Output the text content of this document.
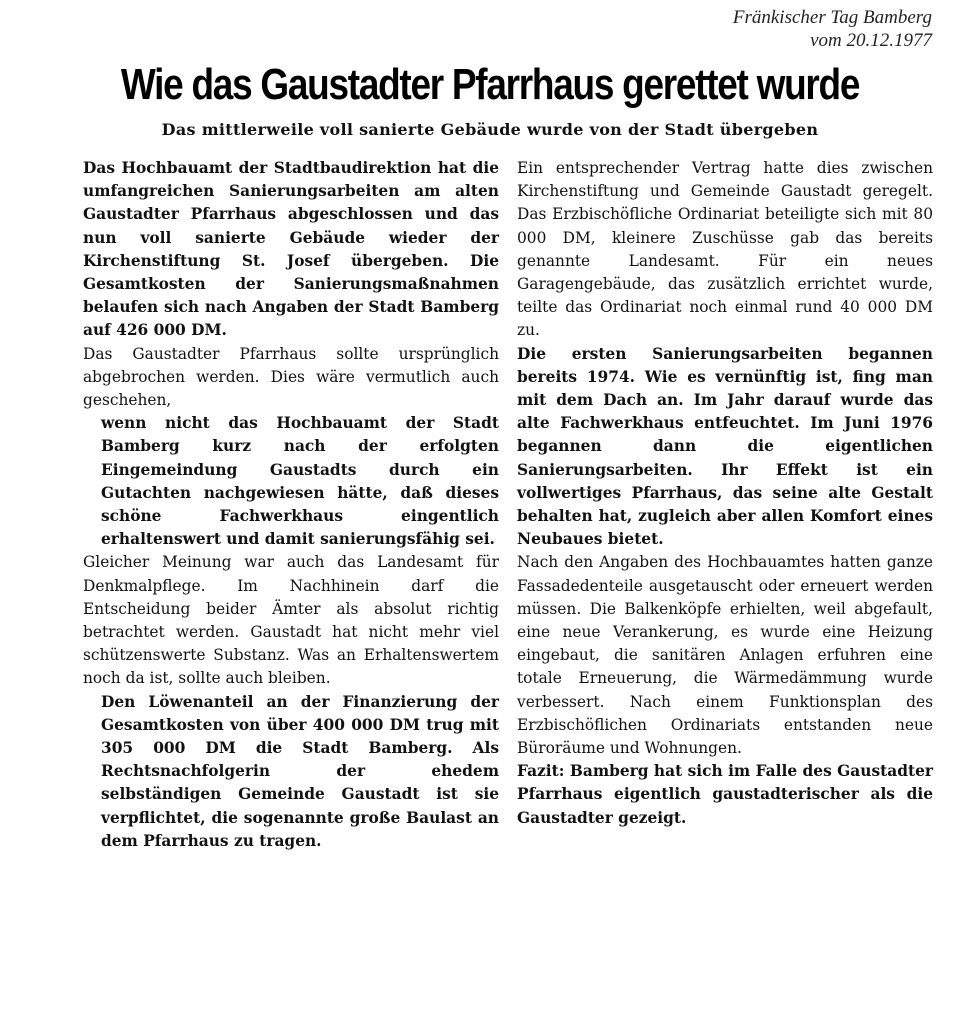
Fränkischer Tag Bamberg
vom 20.12.1977
Wie das Gaustadter Pfarrhaus gerettet wurde
Das mittlerweile voll sanierte Gebäude wurde von der Stadt übergeben

Das Hochbauamt der Stadtbaudirektion hat die umfangreichen Sanierungsarbeiten am alten Gaustadter Pfarrhaus abgeschlossen und das nun voll sanierte Gebäude wieder der Kirchenstiftung St. Josef übergeben. Die Gesamtkosten der Sanierungsmaßnahmen belaufen sich nach Angaben der Stadt Bamberg auf 426 000 DM.

Das Gaustadter Pfarrhaus sollte ursprünglich abgebrochen werden. Dies wäre vermutlich auch geschehen,

wenn nicht das Hochbauamt der Stadt Bamberg kurz nach der erfolgten Eingemeindung Gaustadts durch ein Gutachten nachgewiesen hätte, daß dieses schöne Fachwerkhaus eingentlich erhaltenswert und damit sanierungsfähig sei.

Gleicher Meinung war auch das Landesamt für Denkmalpflege. Im Nachhinein darf die Entscheidung beider Ämter als absolut richtig betrachtet werden. Gaustadt hat nicht mehr viel schützenswerte Substanz. Was an Erhaltenswertem noch da ist, sollte auch bleiben.

Den Löwenanteil an der Finanzierung der Gesamtkosten von über 400 000 DM trug mit 305 000 DM die Stadt Bamberg. Als Rechtsnachfolgerin der ehedem selbständigen Gemeinde Gaustadt ist sie verpflichtet, die sogenannte große Baulast an dem Pfarrhaus zu tragen.

Ein entsprechender Vertrag hatte dies zwischen Kirchenstiftung und Gemeinde Gaustadt geregelt. Das Erzbischöfliche Ordinariat beteiligte sich mit 80 000 DM, kleinere Zuschüsse gab das bereits genannte Landesamt. Für ein neues Garagengebäude, das zusätzlich errichtet wurde, teilte das Ordinariat noch einmal rund 40 000 DM zu.

Die ersten Sanierungsarbeiten begannen bereits 1974. Wie es vernünftig ist, fing man mit dem Dach an. Im Jahr darauf wurde das alte Fachwerkhaus entfeuchtet. Im Juni 1976 begannen dann die eigentlichen Sanierungsarbeiten. Ihr Effekt ist ein vollwertiges Pfarrhaus, das seine alte Gestalt behalten hat, zugleich aber allen Komfort eines Neubaues bietet.

Nach den Angaben des Hochbauamtes hatten ganze Fassadedenteile ausgetauscht oder erneuert werden müssen. Die Balkenköpfe erhielten, weil abgefault, eine neue Verankerung, es wurde eine Heizung eingebaut, die sanitären Anlagen erfuhren eine totale Erneuerung, die Wärmedämmung wurde verbessert. Nach einem Funktionsplan des Erzbischöflichen Ordinariats entstanden neue Büroräume und Wohnungen.

Fazit: Bamberg hat sich im Falle des Gaustadter Pfarrhaus eigentlich gaustadterischer als die Gaustadter gezeigt.
